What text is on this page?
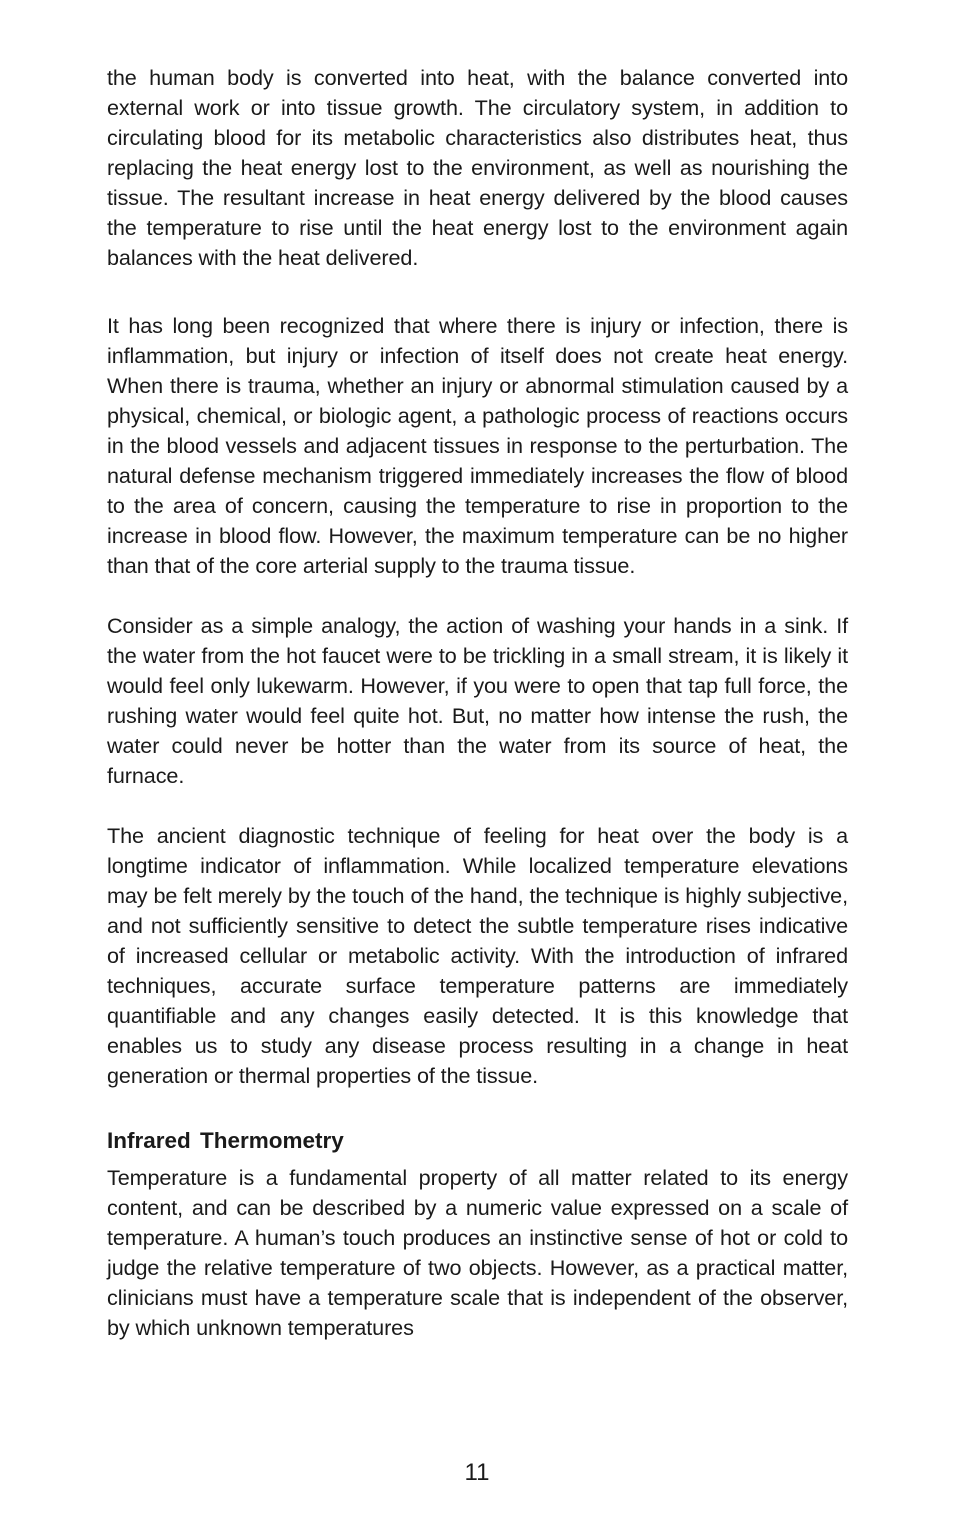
the human body is converted into heat, with the balance converted into external work or into tissue growth. The circulatory system, in addition to circulating blood for its metabolic characteristics also distributes heat, thus replacing the heat energy lost to the environment, as well as nourishing the tissue. The resultant increase in heat energy delivered by the blood causes the temperature to rise until the heat energy lost to the environment again balances with the heat delivered.

It has long been recognized that where there is injury or infection, there is inflammation, but injury or infection of itself does not create heat energy. When there is trauma, whether an injury or abnormal stimulation caused by a physical, chemical, or biologic agent, a pathologic process of reactions occurs in the blood vessels and adjacent tissues in response to the perturbation. The natural defense mechanism triggered immediately increases the flow of blood to the area of concern, causing the temperature to rise in proportion to the increase in blood flow. However, the maximum temperature can be no higher than that of the core arterial supply to the trauma tissue.

Consider as a simple analogy, the action of washing your hands in a sink. If the water from the hot faucet were to be trickling in a small stream, it is likely it would feel only lukewarm. However, if you were to open that tap full force, the rushing water would feel quite hot. But, no matter how intense the rush, the water could never be hotter than the water from its source of heat, the furnace.

The ancient diagnostic technique of feeling for heat over the body is a longtime indicator of inflammation. While localized temperature elevations may be felt merely by the touch of the hand, the technique is highly subjective, and not sufficiently sensitive to detect the subtle temperature rises indicative of increased cellular or metabolic activity. With the introduction of infrared techniques, accurate surface temperature patterns are immediately quantifiable and any changes easily detected. It is this knowledge that enables us to study any disease process resulting in a change in heat generation or thermal properties of the tissue.

Infrared Thermometry

Temperature is a fundamental property of all matter related to its energy content, and can be described by a numeric value expressed on a scale of temperature. A human’s touch produces an instinctive sense of hot or cold to judge the relative temperature of two objects. However, as a practical matter, clinicians must have a temperature scale that is independent of the observer, by which unknown temperatures

11
